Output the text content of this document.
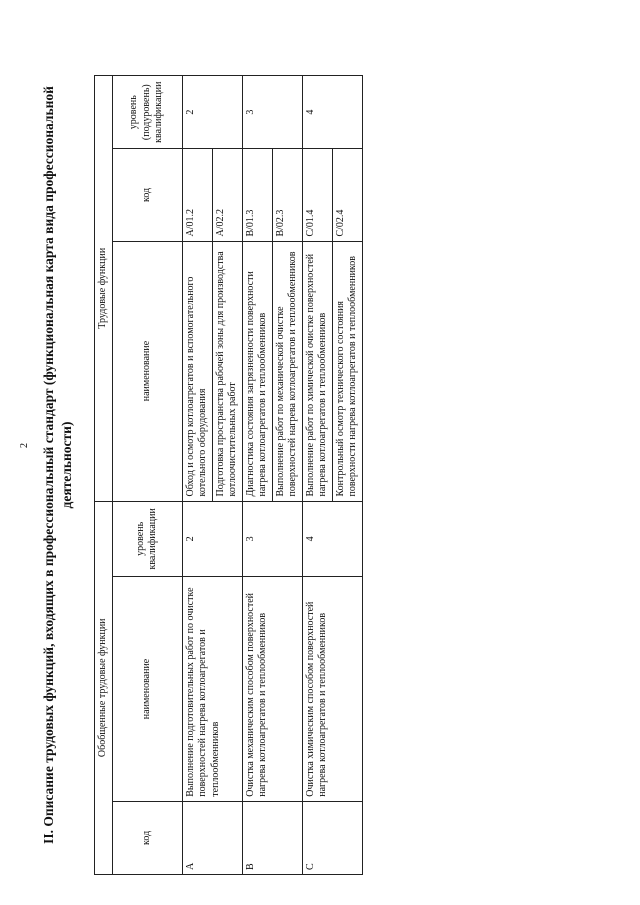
2 II. Описание трудовых функций, входящих в профессиональный стандарт (функциональная карта вида профессиональной деятельности)
Обобщенные трудовые функции			Трудовые функции		
код	наименование	уровень квалификации	наименование	код	уровень (подуровень) квалификации
A	Выполнение подготовительных работ по очистке поверхностей нагрева котлоагрегатов и теплообменников	2	Обход и осмотр котлоагрегатов и вспомогательного котельного оборудования	A/01.2	2
			Подготовка пространства рабочей зоны для производства котлоочистительных работ	A/02.2	
B	Очистка механическим способом поверхностей нагрева котлоагрегатов и теплообменников	3	Диагностика состояния загрязненности поверхности нагрева котлоагрегатов и теплообменников	B/01.3	3
			Выполнение работ по механической очистке поверхностей нагрева котлоагрегатов и теплообменников	B/02.3	
C	Очистка химическим способом поверхностей нагрева котлоагрегатов и теплообменников	4	Выполнение работ по химической очистке поверхностей нагрева котлоагрегатов и теплообменников	C/01.4	4
			Контрольный осмотр технического состояния поверхности нагрева котлоагрегатов и теплообменников	C/02.4	
